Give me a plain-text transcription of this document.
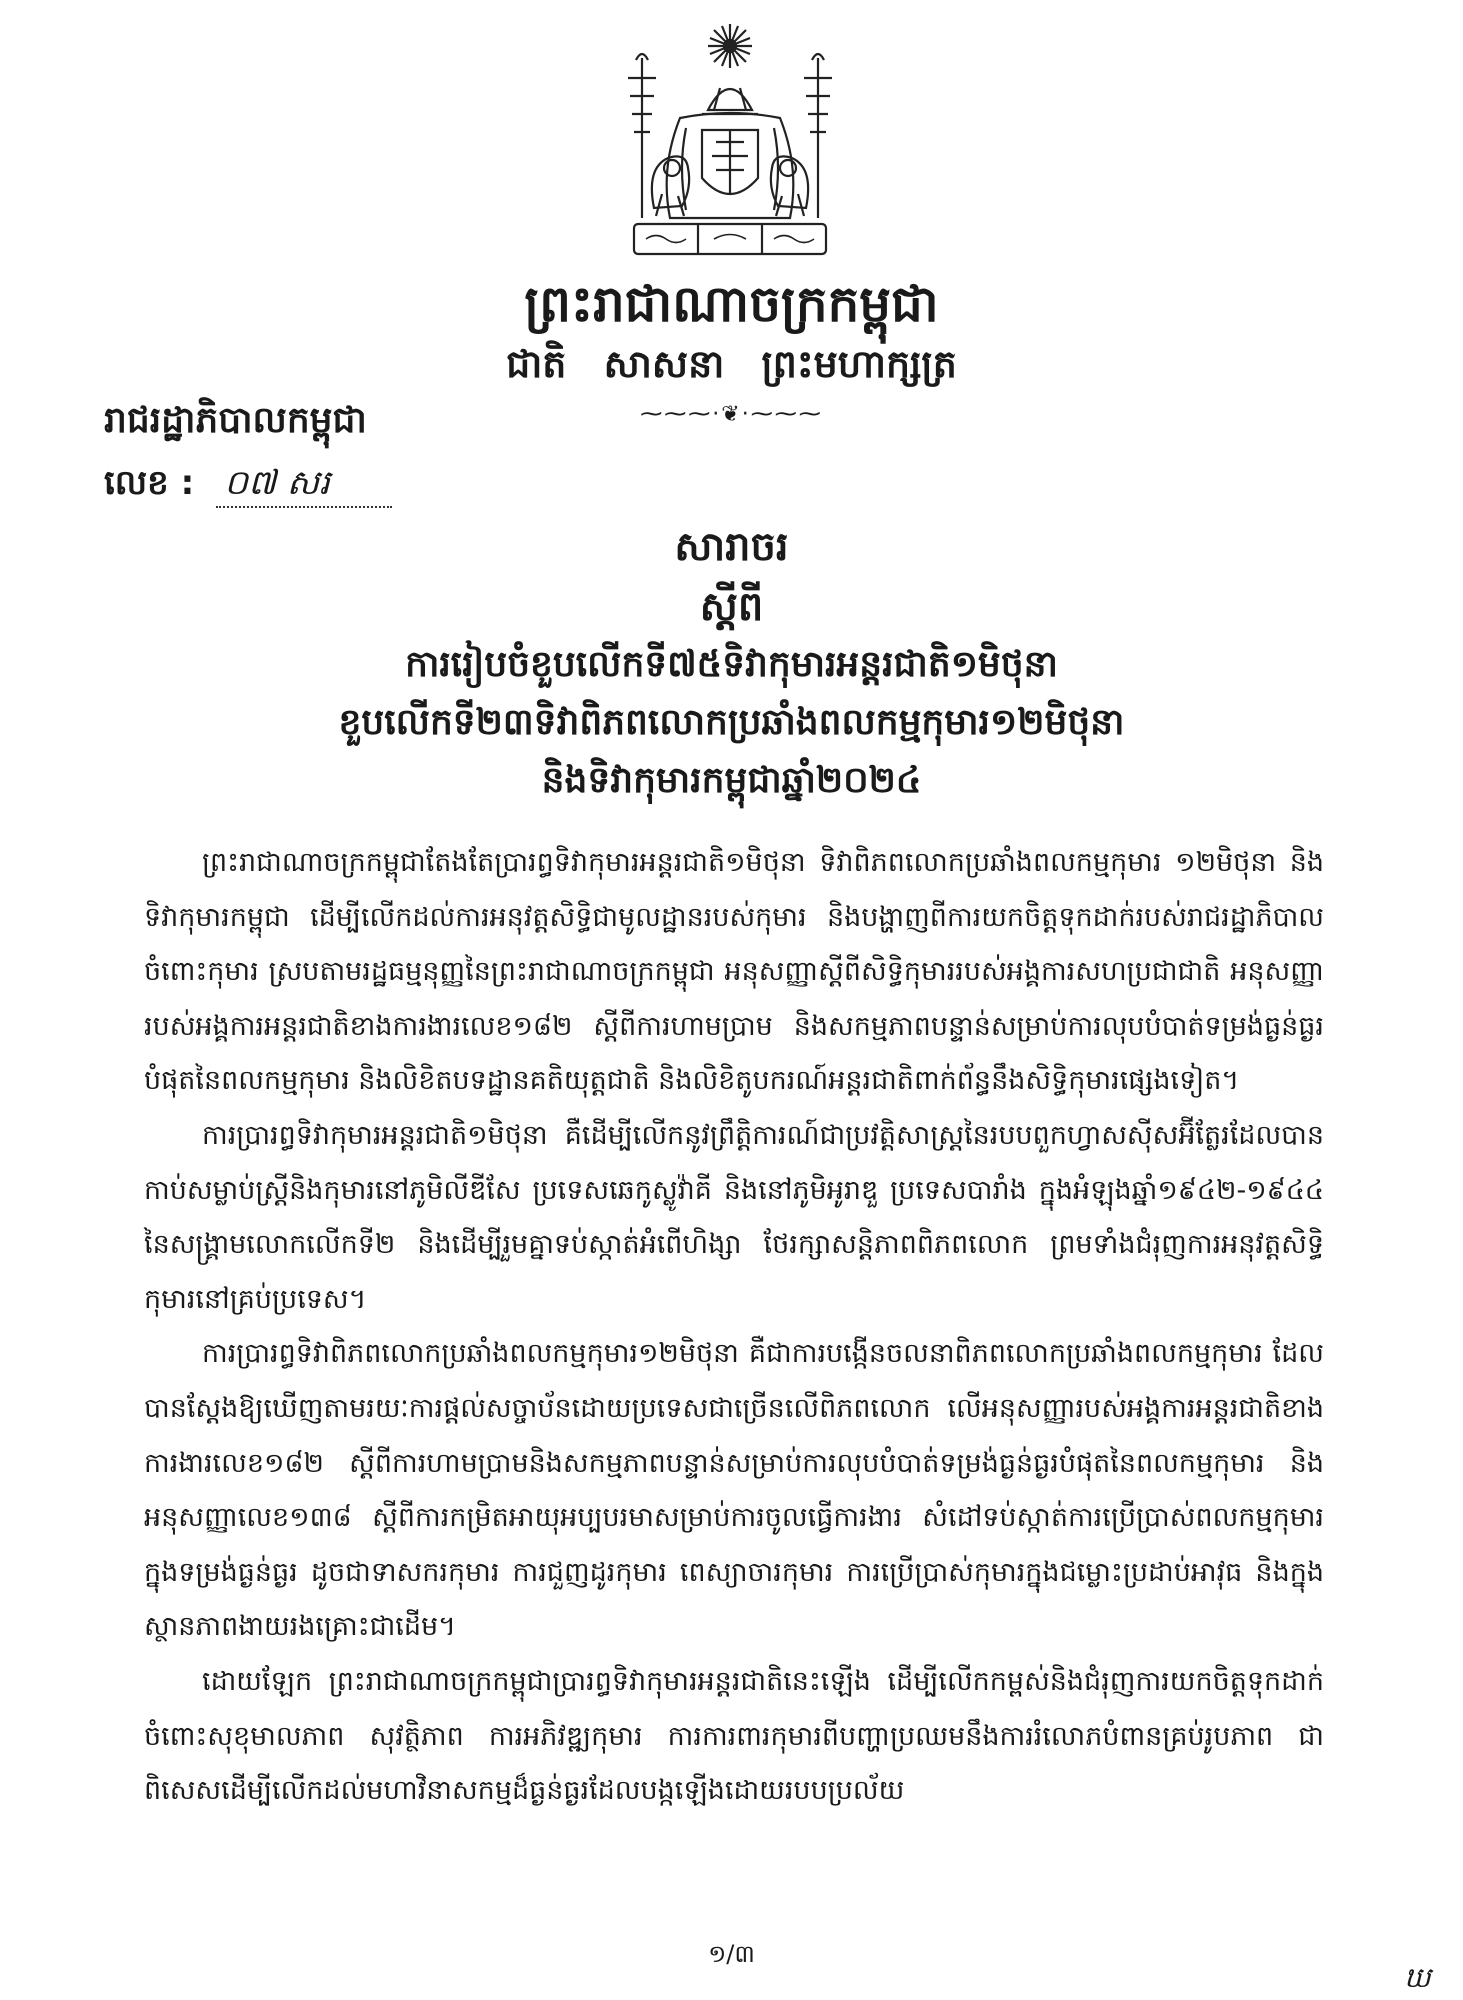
ព្រះរាជាណាចក្រកម្ពុជា
ជាតិ សាសនា ព្រះមហាក្សត្រ
⁓⁓⁓·❦·⁓⁓⁓
រាជរដ្ឋាភិបាលកម្ពុជា
លេខ : ០៧ សរ
សារាចរ
ស្តីពី
ការរៀបចំខួបលើកទី៧៥ទិវាកុមារអន្តរជាតិ១មិថុនា
ខួបលើកទី២៣ទិវាពិភពលោកប្រឆាំងពលកម្មកុមារ១២មិថុនា
និងទិវាកុមារកម្ពុជាឆ្នាំ២០២៤

ព្រះរាជាណាចក្រកម្ពុជាតែងតែប្រារព្ធទិវាកុមារអន្តរជាតិ១មិថុនា ទិវាពិភពលោកប្រឆាំងពលកម្មកុមារ ១២មិថុនា និងទិវាកុមារកម្ពុជា ដើម្បីលើកដល់ការអនុវត្តសិទ្ធិជាមូលដ្ឋានរបស់កុមារ និងបង្ហាញពីការយកចិត្តទុកដាក់របស់រាជរដ្ឋាភិបាលចំពោះកុមារ ស្របតាមរដ្ឋធម្មនុញ្ញនៃព្រះរាជាណាចក្រកម្ពុជា អនុសញ្ញាស្តីពីសិទ្ធិកុមាររបស់អង្គការសហប្រជាជាតិ អនុសញ្ញារបស់អង្គការអន្តរជាតិខាងការងារលេខ១៨២ ស្តីពីការហាមប្រាម និងសកម្មភាពបន្ទាន់សម្រាប់ការលុបបំបាត់ទម្រង់ធ្ងន់ធ្ងរបំផុតនៃពលកម្មកុមារ និងលិខិតបទដ្ឋានគតិយុត្តជាតិ និងលិខិតូបករណ៍អន្តរជាតិពាក់ព័ន្ធនឹងសិទ្ធិកុមារផ្សេងទៀត។

ការប្រារព្ធទិវាកុមារអន្តរជាតិ១មិថុនា គឺដើម្បីលើកនូវព្រឹត្តិការណ៍ជាប្រវត្តិសាស្ត្រនៃរបបពួកហ្វាសស៊ីសអ៊ីត្លែរដែលបានកាប់សម្លាប់ស្ត្រីនិងកុមារនៅភូមិលីឌីសែ ប្រទេសឆេកូស្លូវ៉ាគី និងនៅភូមិអូរាឌួ ប្រទេសបារាំង ក្នុងអំឡុងឆ្នាំ១៩៤២-១៩៤៤ នៃសង្គ្រាមលោកលើកទី២ និងដើម្បីរួមគ្នាទប់ស្កាត់អំពើហិង្សា ថែរក្សាសន្តិភាពពិភពលោក ព្រមទាំងជំរុញការអនុវត្តសិទ្ធិកុមារនៅគ្រប់ប្រទេស។

ការប្រារព្ធទិវាពិភពលោកប្រឆាំងពលកម្មកុមារ១២មិថុនា គឺជាការបង្កើនចលនាពិភពលោកប្រឆាំងពលកម្មកុមារ ដែលបានស្តែងឱ្យឃើញតាមរយៈការផ្តល់សច្ចាប័នដោយប្រទេសជាច្រើនលើពិភពលោក លើអនុសញ្ញារបស់អង្គការអន្តរជាតិខាងការងារលេខ១៨២ ស្តីពីការហាមប្រាមនិងសកម្មភាពបន្ទាន់សម្រាប់ការលុបបំបាត់ទម្រង់ធ្ងន់ធ្ងរបំផុតនៃពលកម្មកុមារ និងអនុសញ្ញាលេខ១៣៨ ស្តីពីការកម្រិតអាយុអប្បបរមាសម្រាប់ការចូលធ្វើការងារ សំដៅទប់ស្កាត់ការប្រើប្រាស់ពលកម្មកុមារក្នុងទម្រង់ធ្ងន់ធ្ងរ ដូចជាទាសករកុមារ ការជួញដូរកុមារ ពេស្យាចារកុមារ ការប្រើប្រាស់កុមារក្នុងជម្លោះប្រដាប់អាវុធ និងក្នុងស្ថានភាពងាយរងគ្រោះជាដើម។

ដោយឡែក ព្រះរាជាណាចក្រកម្ពុជាប្រារព្ធទិវាកុមារអន្តរជាតិនេះឡើង ដើម្បីលើកកម្ពស់និងជំរុញការយកចិត្តទុកដាក់ចំពោះសុខុមាលភាព សុវត្ថិភាព ការអភិវឌ្ឍកុមារ ការការពារកុមារពីបញ្ហាប្រឈមនឹងការរំលោភបំពានគ្រប់រូបភាព ជាពិសេសដើម្បីលើកដល់មហាវិនាសកម្មដ៏ធ្ងន់ធ្ងរដែលបង្កឡើងដោយរបបប្រល័យ

១/៣
ឃ
